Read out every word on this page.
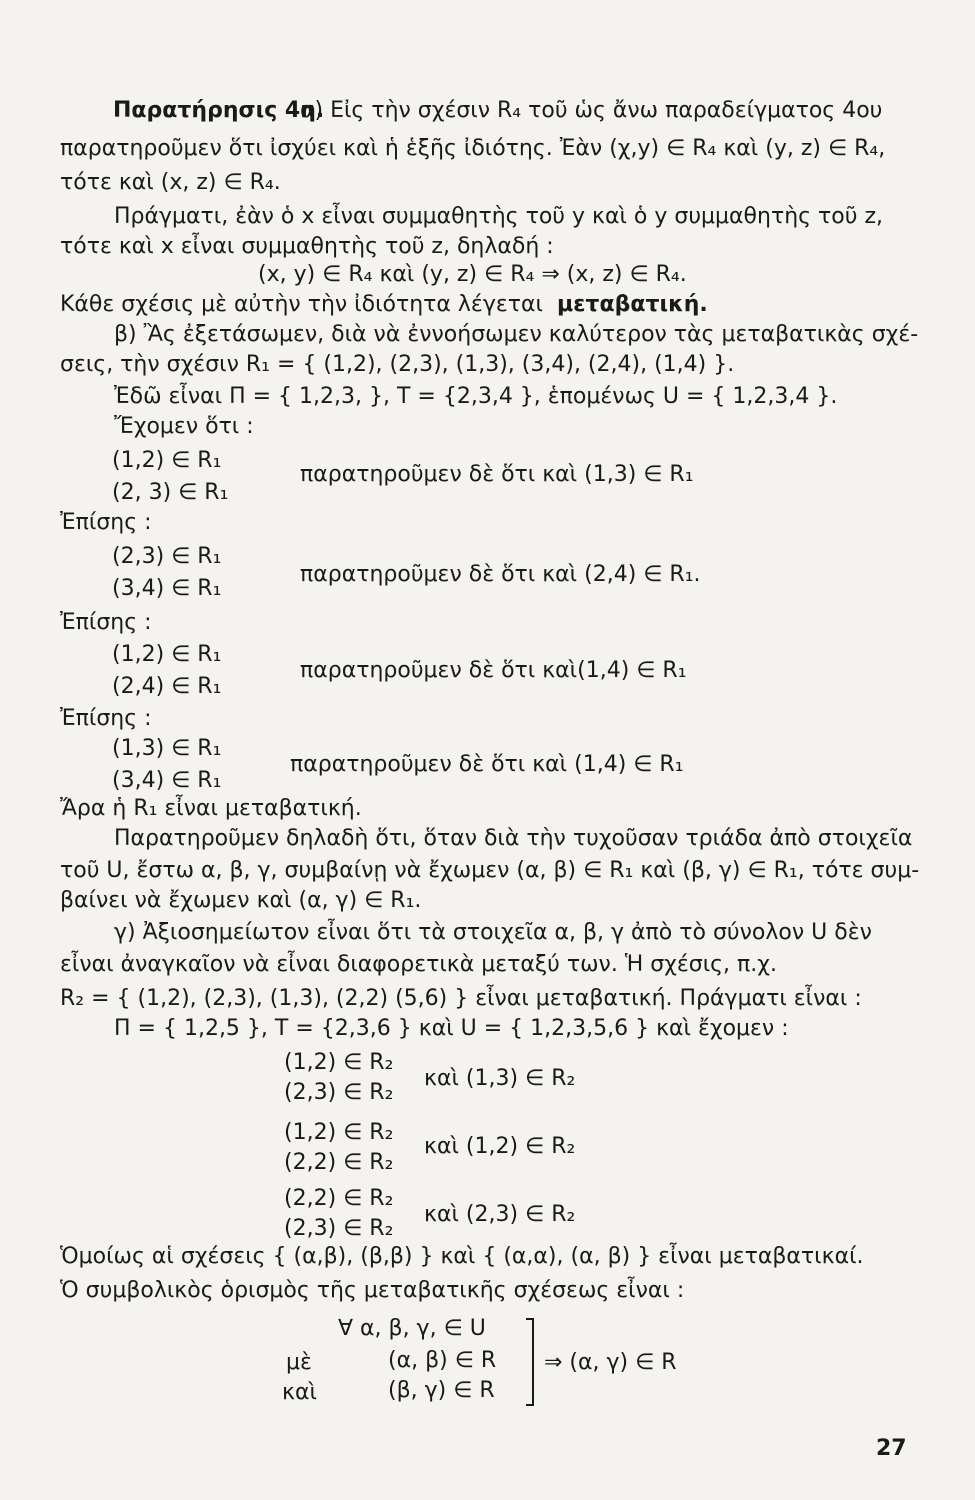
Παρατήρησις 4η.
α) Εἰς τὴν σχέσιν R₄ τοῦ ὡς ἄνω παραδείγματος 4ου
παρατηροῦμεν ὅτι ἰσχύει καὶ ἡ ἑξῆς ἰδιότης. Ἐὰν (χ,y) ∈ R₄ καὶ (y, z) ∈ R₄,
τότε καὶ (x, z) ∈ R₄.
Πράγματι, ἐὰν ὁ x εἶναι συμμαθητὴς τοῦ y καὶ ὁ y συμμαθητὴς τοῦ z,
τότε καὶ x εἶναι συμμαθητὴς τοῦ z, δηλαδή :
(x, y) ∈ R₄ καὶ (y, z) ∈ R₄ ⇒ (x, z) ∈ R₄.
Κάθε σχέσις μὲ αὐτὴν τὴν ἰδιότητα λέγεται μεταβατική.
β) Ἂς ἐξετάσωμεν, διὰ νὰ ἐννοήσωμεν καλύτερον τὰς μεταβατικὰς σχέ-
σεις, τὴν σχέσιν R₁ = { (1,2), (2,3), (1,3), (3,4), (2,4), (1,4) }.
Ἐδῶ εἶναι Π = { 1,2,3, }, T = {2,3,4 }, ἑπομένως U = { 1,2,3,4 }.
Ἔχομεν ὅτι :
(1,2) ∈ R₁
παρατηροῦμεν δὲ ὅτι καὶ (1,3) ∈ R₁
(2, 3) ∈ R₁
Ἐπίσης :
(2,3) ∈ R₁
παρατηροῦμεν δὲ ὅτι καὶ (2,4) ∈ R₁.
(3,4) ∈ R₁
Ἐπίσης :
(1,2) ∈ R₁
παρατηροῦμεν δὲ ὅτι καὶ(1,4) ∈ R₁
(2,4) ∈ R₁
Ἐπίσης :
(1,3) ∈ R₁
παρατηροῦμεν δὲ ὅτι καὶ (1,4) ∈ R₁
(3,4) ∈ R₁
Ἄρα ἡ R₁ εἶναι μεταβατική.
Παρατηροῦμεν δηλαδὴ ὅτι, ὅταν διὰ τὴν τυχοῦσαν τριάδα ἀπὸ στοιχεῖα
τοῦ U, ἔστω α, β, γ, συμβαίνῃ νὰ ἔχωμεν (α, β) ∈ R₁ καὶ (β, γ) ∈ R₁, τότε συμ-
βαίνει νὰ ἔχωμεν καὶ (α, γ) ∈ R₁.
γ) Ἀξιοσημείωτον εἶναι ὅτι τὰ στοιχεῖα α, β, γ ἀπὸ τὸ σύνολον U δὲν
εἶναι ἀναγκαῖον νὰ εἶναι διαφορετικὰ μεταξύ των. Ἡ σχέσις, π.χ.
R₂ = { (1,2), (2,3), (1,3), (2,2) (5,6) } εἶναι μεταβατική. Πράγματι εἶναι :
Π = { 1,2,5 }, T = {2,3,6 } καὶ U = { 1,2,3,5,6 } καὶ ἔχομεν :
(1,2) ∈ R₂
καὶ (1,3) ∈ R₂
(2,3) ∈ R₂
(1,2) ∈ R₂
καὶ (1,2) ∈ R₂
(2,2) ∈ R₂
(2,2) ∈ R₂
καὶ (2,3) ∈ R₂
(2,3) ∈ R₂
Ὁμοίως αἱ σχέσεις { (α,β), (β,β) } καὶ { (α,α), (α, β) } εἶναι μεταβατικαί.
Ὁ συμβολικὸς ὁρισμὸς τῆς μεταβατικῆς σχέσεως εἶναι :
∀ α, β, γ, ∈ U
μὲ	(α, β) ∈ R ⇒ (α, γ) ∈ R
καὶ	(β, γ) ∈ R
27
